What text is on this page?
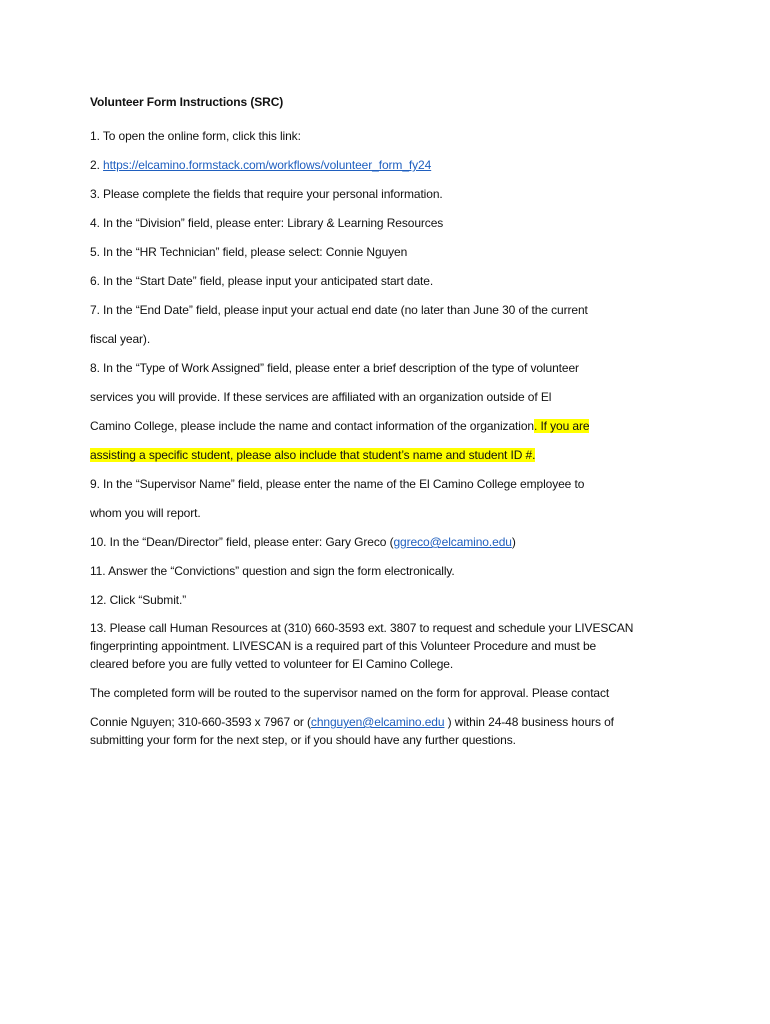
Volunteer Form Instructions (SRC)

1. To open the online form, click this link:

2. https://elcamino.formstack.com/workflows/volunteer_form_fy24

3. Please complete the fields that require your personal information.

4. In the “Division” field, please enter: Library & Learning Resources

5. In the “HR Technician” field, please select: Connie Nguyen

6. In the “Start Date” field, please input your anticipated start date.

7. In the “End Date” field, please input your actual end date (no later than June 30 of the current

fiscal year).

8. In the “Type of Work Assigned” field, please enter a brief description of the type of volunteer

services you will provide. If these services are affiliated with an organization outside of El

Camino College, please include the name and contact information of the organization. If you are

assisting a specific student, please also include that student’s name and student ID #.

9. In the “Supervisor Name” field, please enter the name of the El Camino College employee to

whom you will report.

10. In the “Dean/Director” field, please enter: Gary Greco (ggreco@elcamino.edu)

11. Answer the “Convictions” question and sign the form electronically.

12. Click “Submit.”

13. Please call Human Resources at (310) 660-3593 ext. 3807 to request and schedule your LIVESCAN

fingerprinting appointment. LIVESCAN is a required part of this Volunteer Procedure and must be

cleared before you are fully vetted to volunteer for El Camino College.

The completed form will be routed to the supervisor named on the form for approval. Please contact

Connie Nguyen; 310-660-3593 x 7967 or (chnguyen@elcamino.edu ) within 24-48 business hours of

submitting your form for the next step, or if you should have any further questions.
